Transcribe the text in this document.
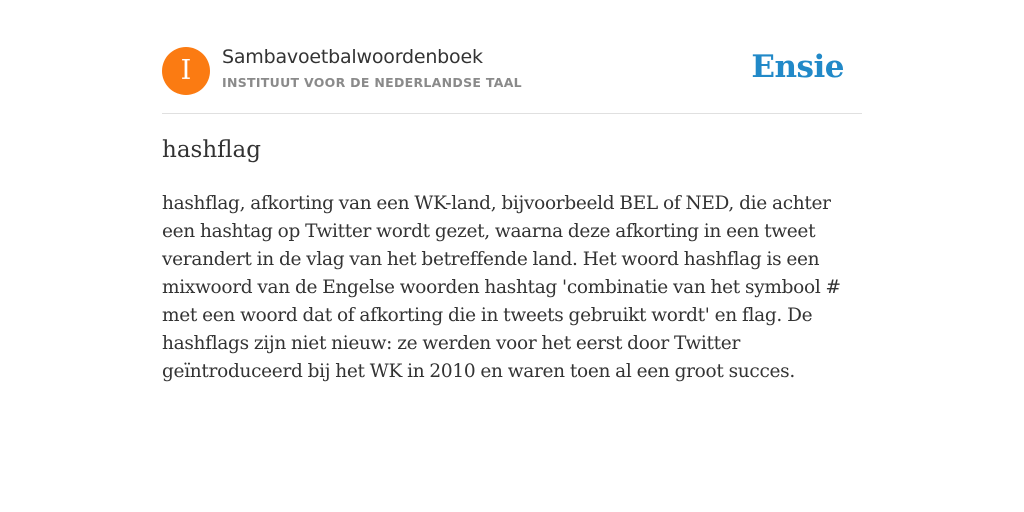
I	Sambavoetbalwoordenboek
INSTITUUT VOOR DE NEDERLANDSE TAAL	Ensie
hashflag

hashflag, afkorting van een WK-land, bijvoorbeeld BEL of NED, die achter een hashtag op Twitter wordt gezet, waarna deze afkorting in een tweet verandert in de vlag van het betreffende land. Het woord hashflag is een mixwoord van de Engelse woorden hashtag 'combinatie van het symbool # met een woord dat of afkorting die in tweets gebruikt wordt' en flag. De hashflags zijn niet nieuw: ze werden voor het eerst door Twitter geïntroduceerd bij het WK in 2010 en waren toen al een groot succes.
